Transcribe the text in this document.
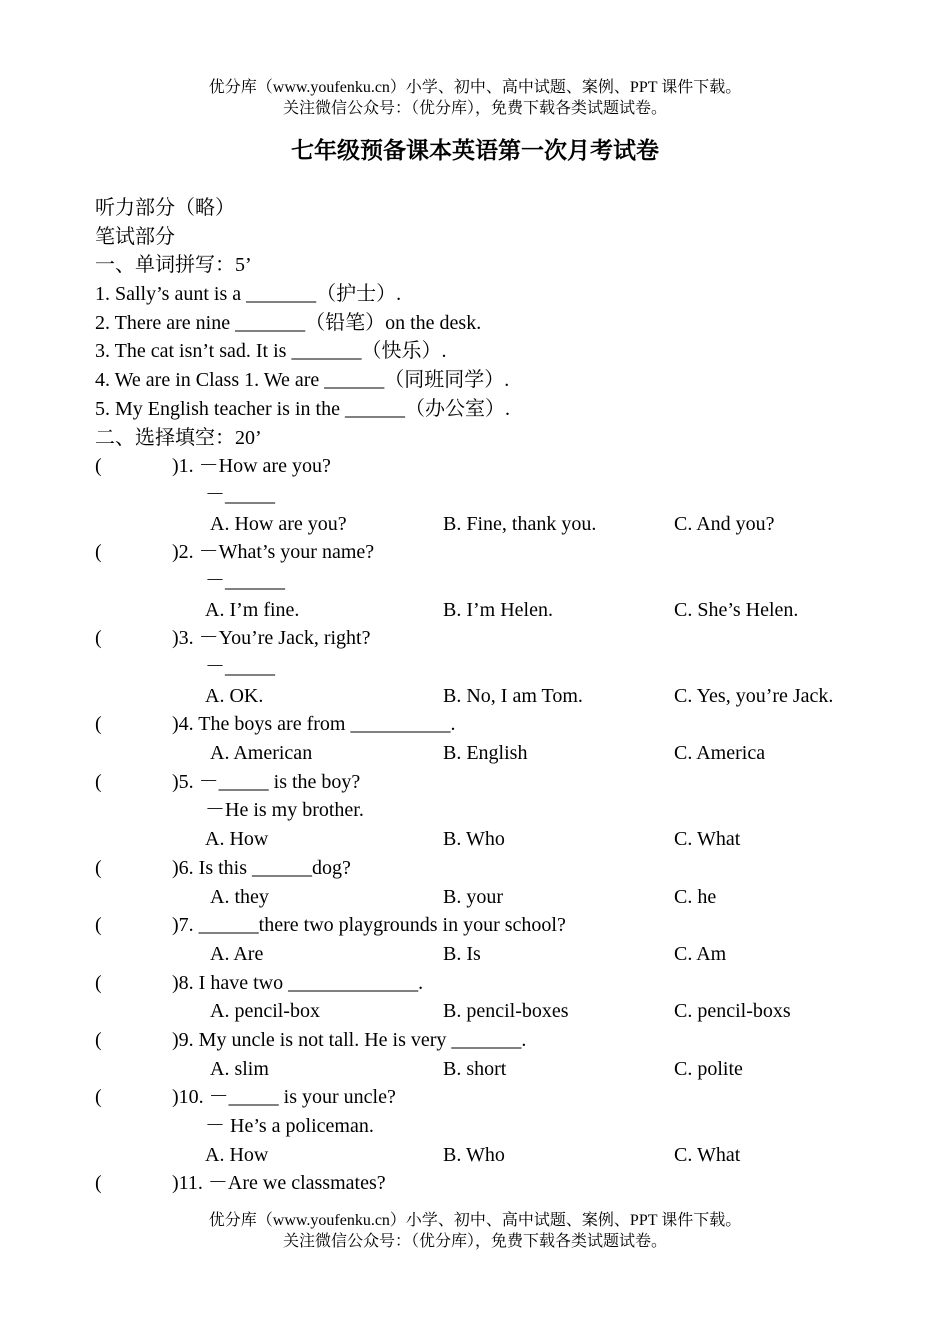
优分库（www.youfenku.cn）小学、初中、高中试题、案例、PPT 课件下载。
关注微信公众号：（优分库），免费下载各类试题试卷。
七年级预备课本英语第一次月考试卷
听力部分（略）
笔试部分
一、单词拼写：5’
1. Sally’s aunt is a _______（护士）.
2. There are nine _______（铅笔）on the desk.
3. The cat isn’t sad. It is _______（快乐）.
4. We are in Class 1. We are ______（同班同学）.
5. My English teacher is in the ______（办公室）.
二、选择填空：20’
(	)1. －How are you?
－_____
A. How are you?	B. Fine, thank you.	C. And you?
(	)2. －What’s your name?
－______
A. I’m fine.	B. I’m Helen.	C. She’s Helen.
(	)3. －You’re Jack, right?
－_____
A. OK.	B. No, I am Tom.	C. Yes, you’re Jack.
(	)4. The boys are from __________.
A. American	B. English	C. America
(	)5. －_____ is the boy?
－He is my brother.
A. How	B. Who	C. What
(	)6. Is this ______dog?
A. they	B. your	C. he
(	)7. ______there two playgrounds in your school?
A. Are	B. Is	C. Am
(	)8. I have two _____________.
A. pencil-box	B. pencil-boxes	C. pencil-boxs
(	)9. My uncle is not tall. He is very _______.
A. slim	B. short	C. polite
(	)10. －_____ is your uncle?
－ He’s a policeman.
A. How	B. Who	C. What
(	)11. －Are we classmates?
优分库（www.youfenku.cn）小学、初中、高中试题、案例、PPT 课件下载。
关注微信公众号：（优分库），免费下载各类试题试卷。
